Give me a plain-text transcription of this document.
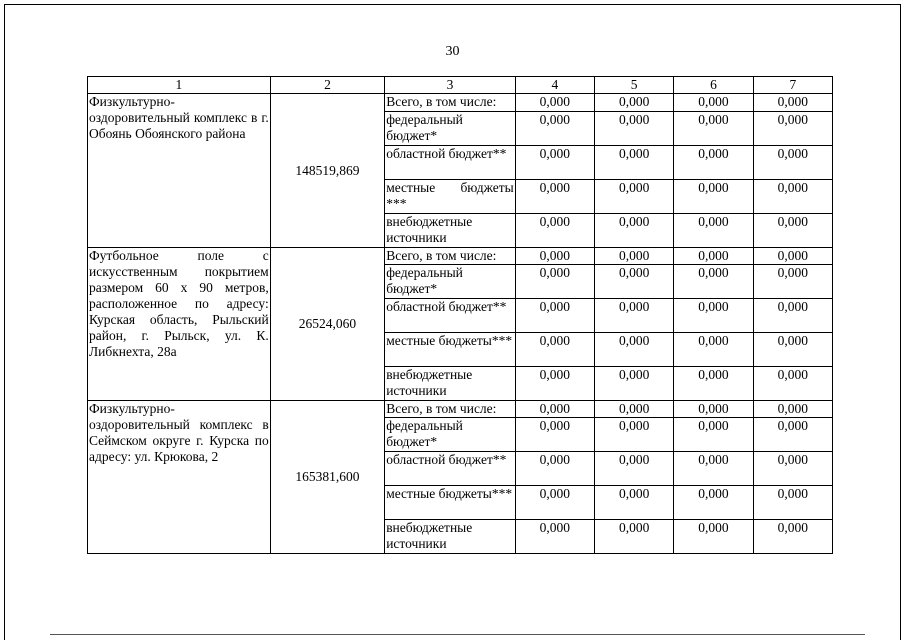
30
1	2	3	4	5	6	7
Физкультурно-оздоровительный комплекс в г. Обоянь Обоянского района	148519,869	Всего, в том числе:	0,000	0,000	0,000	0,000
		федеральный бюджет*	0,000	0,000	0,000	0,000
		областной бюджет**	0,000	0,000	0,000	0,000
		местные бюджеты ***	0,000	0,000	0,000	0,000
		внебюджетные источники	0,000	0,000	0,000	0,000
Футбольное поле с искусственным покрытием размером 60 х 90 метров, расположенное по адресу: Курская область, Рыльский район, г. Рыльск, ул. К. Либкнехта, 28а	26524,060	Всего, в том числе:	0,000	0,000	0,000	0,000
		федеральный бюджет*	0,000	0,000	0,000	0,000
		областной бюджет**	0,000	0,000	0,000	0,000
		местные бюджеты***	0,000	0,000	0,000	0,000
		внебюджетные источники	0,000	0,000	0,000	0,000
Физкультурно-оздоровительный комплекс в Сеймском округе г. Курска по адресу: ул. Крюкова, 2	165381,600	Всего, в том числе:	0,000	0,000	0,000	0,000
		федеральный бюджет*	0,000	0,000	0,000	0,000
		областной бюджет**	0,000	0,000	0,000	0,000
		местные бюджеты***	0,000	0,000	0,000	0,000
		внебюджетные источники	0,000	0,000	0,000	0,000
